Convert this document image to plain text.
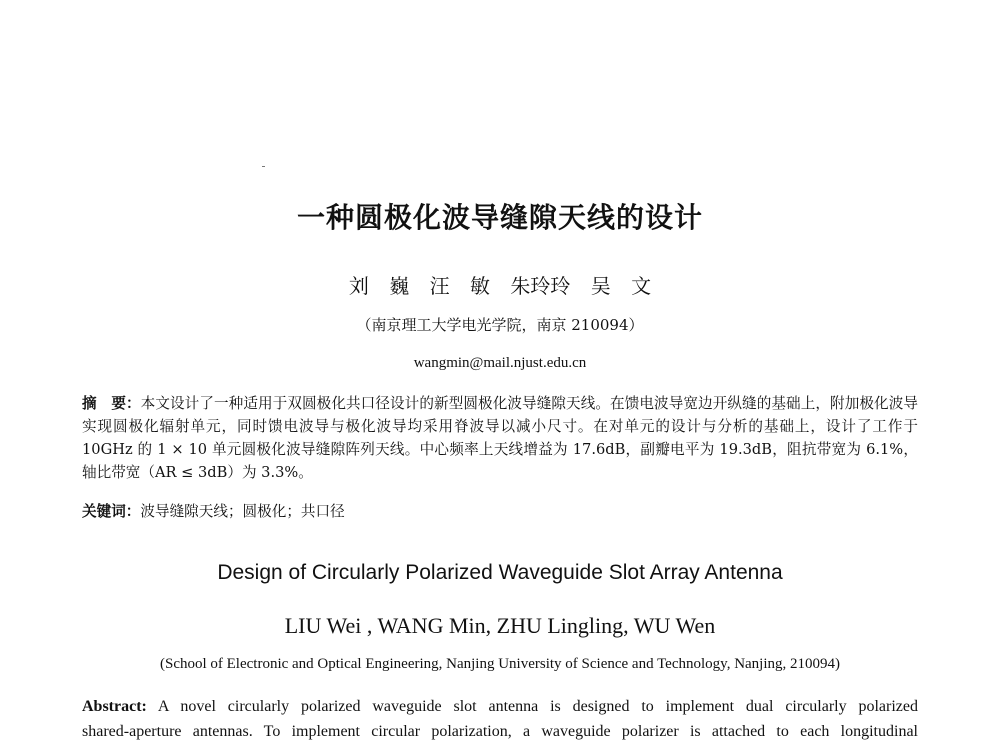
一种圆极化波导缝隙天线的设计
刘 巍 汪 敏 朱玲玲 吴 文
（南京理工大学电光学院，南京 210094）
wangmin@mail.njust.edu.cn
摘　要：本文设计了一种适用于双圆极化共口径设计的新型圆极化波导缝隙天线。在馈电波导宽边开纵缝的基础上，附加极化波导实现圆极化辐射单元，同时馈电波导与极化波导均采用脊波导以减小尺寸。在对单元的设计与分析的基础上，设计了工作于 10GHz 的 1 × 10 单元圆极化波导缝隙阵列天线。中心频率上天线增益为 17.6dB，副瓣电平为 19.3dB，阻抗带宽为 6.1%，轴比带宽（AR ≤ 3dB）为 3.3%。
关键词：波导缝隙天线；圆极化；共口径
Design of Circularly Polarized Waveguide Slot Array Antenna
LIU Wei , WANG Min, ZHU Lingling, WU Wen
(School of Electronic and Optical Engineering, Nanjing University of Science and Technology, Nanjing, 210094)
Abstract: A novel circularly polarized waveguide slot antenna is designed to implement dual circularly polarized
shared-aperture antennas. To implement circular polarization, a waveguide polarizer is attached to each longitudinal
